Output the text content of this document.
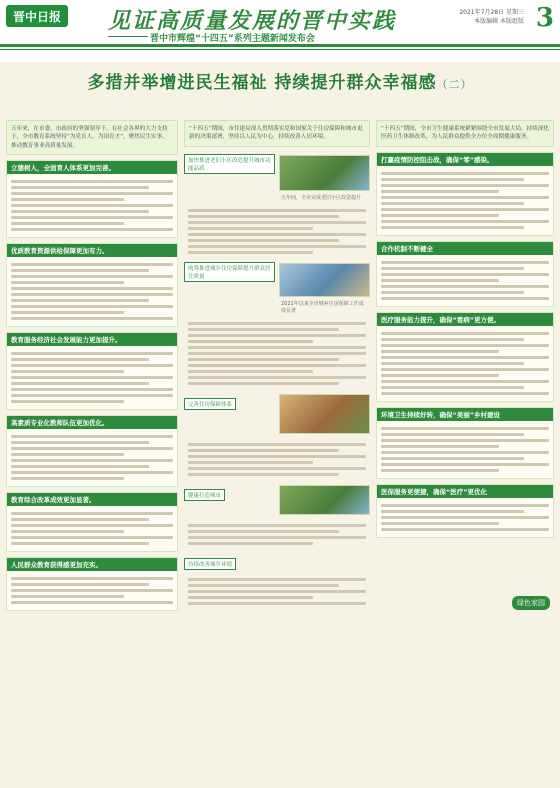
晋中日报	见证高质量发展的晋中实践	2021年7月28日 星期三
本版编辑 本版组版 3
晋中市辉煌“十四五”系列主题新闻发布会
多措并举增进民生福祉 持续提升群众幸福感（二）
五年来，在市委、市政府的坚强领导下，在社会各界的大力支持下，全市教育系统坚持“为党育人、为国育才”，聚焦民生实事，推动教育事业高质量发展。
立德树人，全面育人体系更加完善。
优质教育资源供给保障更加有力。
教育服务经济社会发展能力更加提升。
高素质专业化教师队伍更加优化。
教育综合改革成效更加显著。
人民群众教育获得感更加充实。
“十四五”期间，市住建局深入贯彻落实党和国家关于住房保障和城市更新的决策部署，坚持以人民为中心，持续改善人居环境。
加快推进老旧小区改造提升城市功能品质
五年间，全市完成老旧小区改造提升
统筹推进城乡住房保障提升群众居住质量
2021年以来全市城乡住房保障工作成效显著
完善住房保障体系
健康打造城市
持续改善城乡环境
“十四五”期间，全市卫生健康系统紧紧围绕全市发展大局，持续深化医药卫生体制改革，为人民群众提供全方位全周期健康服务。
打赢疫情防控阻击战，确保“零”感染。
合作机制不断健全
医疗服务能力提升，确保“看病”更方便。
环境卫生持续好转，确保“美丽”乡村建设
医保服务更便捷，确保“医疗”更优化
绿色家园
